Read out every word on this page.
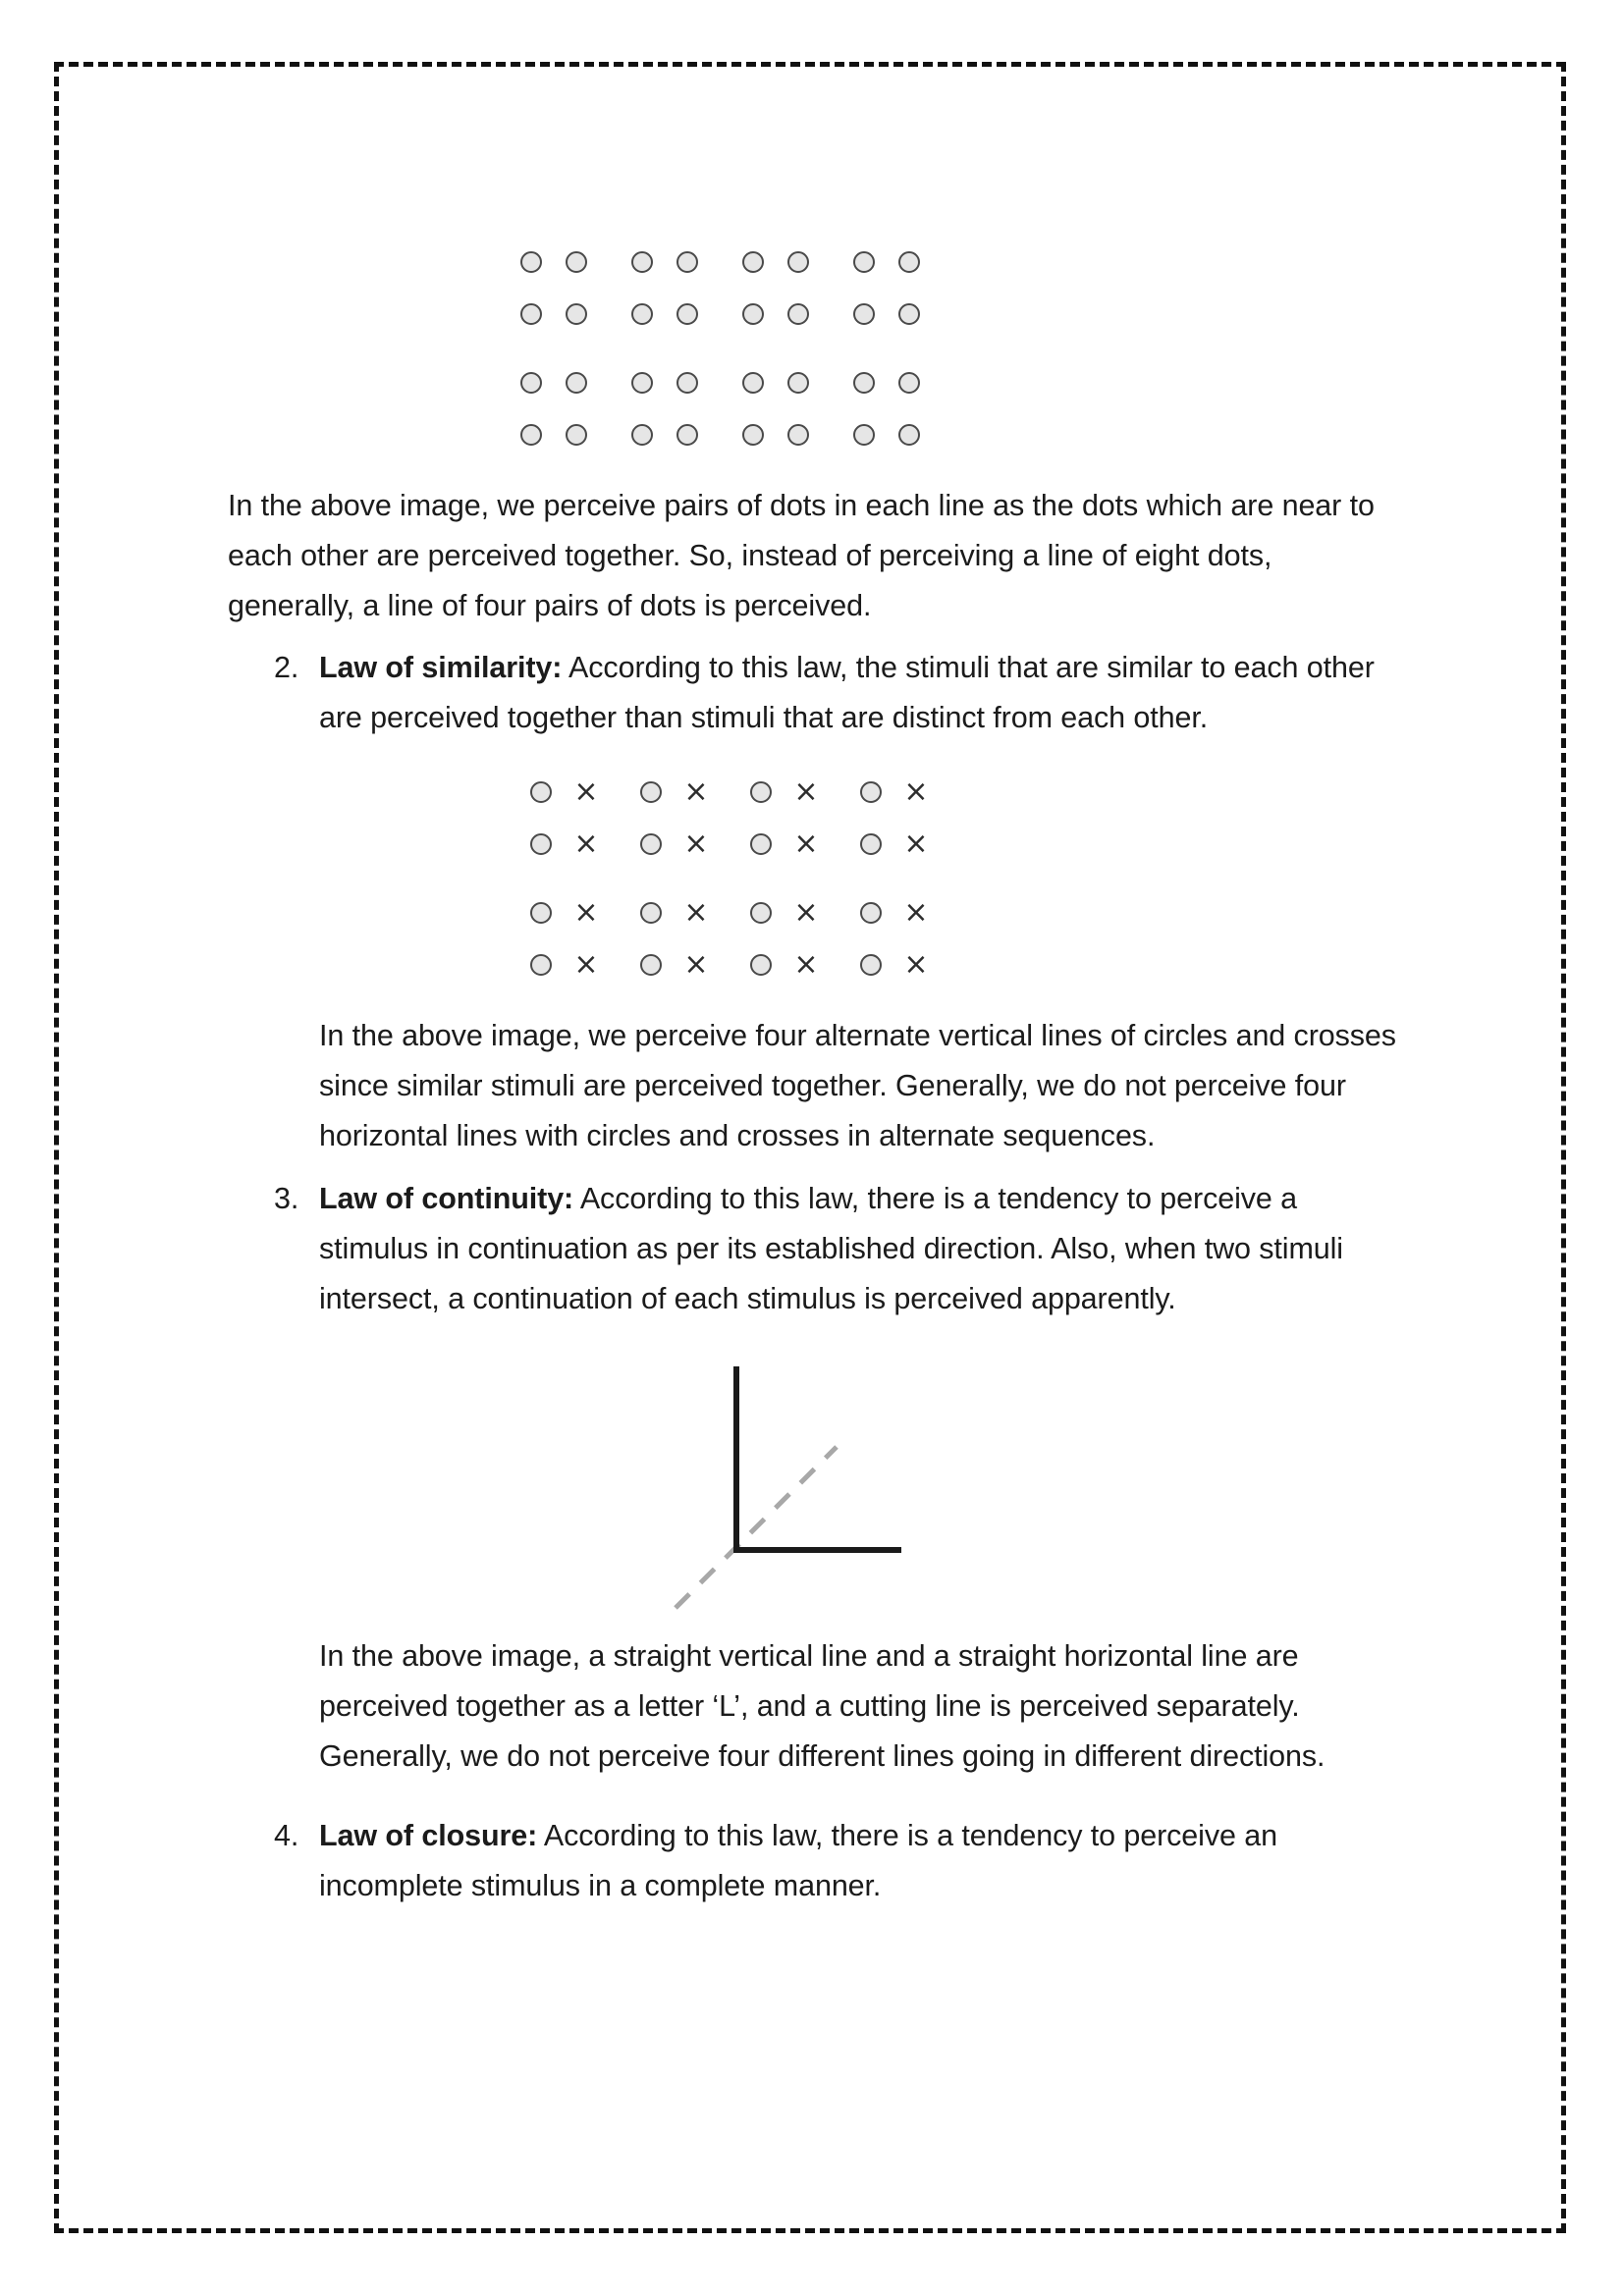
In the above image, we perceive pairs of dots in each line as the dots which are near to each other are perceived together. So, instead of perceiving a line of eight dots, generally, a line of four pairs of dots is perceived.
2. Law of similarity: According to this law, the stimuli that are similar to each other are perceived together than stimuli that are distinct from each other.
×	×	×	×
×	×	×	×
×	×	×	×
×	×	×	×
In the above image, we perceive four alternate vertical lines of circles and crosses since similar stimuli are perceived together. Generally, we do not perceive four horizontal lines with circles and crosses in alternate sequences.
3. Law of continuity: According to this law, there is a tendency to perceive a stimulus in continuation as per its established direction. Also, when two stimuli intersect, a continuation of each stimulus is perceived apparently.
In the above image, a straight vertical line and a straight horizontal line are perceived together as a letter ‘L’, and a cutting line is perceived separately. Generally, we do not perceive four different lines going in different directions.
4. Law of closure: According to this law, there is a tendency to perceive an incomplete stimulus in a complete manner.
